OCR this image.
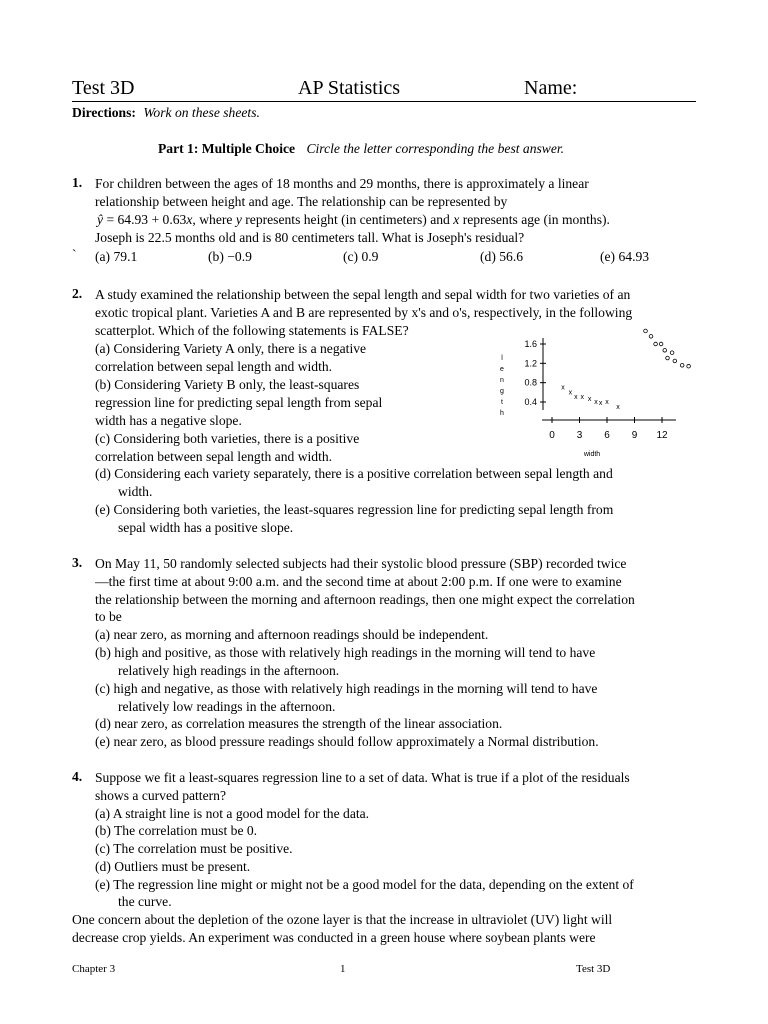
Test 3D	AP Statistics	Name:
Directions: Work on these sheets.
Part 1: Multiple Choice Circle the letter corresponding the best answer.
1. For children between the ages of 18 months and 29 months, there is approximately a linear
relationship between height and age. The relationship can be represented by
ŷ = 64.93 + 0.63x, where y represents height (in centimeters) and x represents age (in months).
Joseph is 22.5 months old and is 80 centimeters tall. What is Joseph's residual?
` (a) 79.1	(b) −0.9	(c) 0.9	(d) 56.6	(e) 64.93
2. A study examined the relationship between the sepal length and sepal width for two varieties of an
exotic tropical plant. Varieties A and B are represented by x's and o's, respectively, in the following
scatterplot. Which of the following statements is FALSE?
(a) Considering Variety A only, there is a negative
correlation between sepal length and width.
(b) Considering Variety B only, the least-squares
regression line for predicting sepal length from sepal
width has a negative slope.
(c) Considering both varieties, there is a positive
correlation between sepal length and width.
(d) Considering each variety separately, there is a positive correlation between sepal length and
width.
(e) Considering both varieties, the least-squares regression line for predicting sepal length from
sepal width has a positive slope.
0.4
0.8
1.2
1.6
0 3 6 9 12
width
l
e
n
g
t
h
x
x
x x x x x x
x
3. On May 11, 50 randomly selected subjects had their systolic blood pressure (SBP) recorded twice
—the first time at about 9:00 a.m. and the second time at about 2:00 p.m. If one were to examine
the relationship between the morning and afternoon readings, then one might expect the correlation
to be
(a) near zero, as morning and afternoon readings should be independent.
(b) high and positive, as those with relatively high readings in the morning will tend to have
relatively high readings in the afternoon.
(c) high and negative, as those with relatively high readings in the morning will tend to have
relatively low readings in the afternoon.
(d) near zero, as correlation measures the strength of the linear association.
(e) near zero, as blood pressure readings should follow approximately a Normal distribution.
4. Suppose we fit a least-squares regression line to a set of data. What is true if a plot of the residuals
shows a curved pattern?
(a) A straight line is not a good model for the data.
(b) The correlation must be 0.
(c) The correlation must be positive.
(d) Outliers must be present.
(e) The regression line might or might not be a good model for the data, depending on the extent of
the curve.
One concern about the depletion of the ozone layer is that the increase in ultraviolet (UV) light will
decrease crop yields. An experiment was conducted in a green house where soybean plants were
Chapter 3	1	Test 3D
